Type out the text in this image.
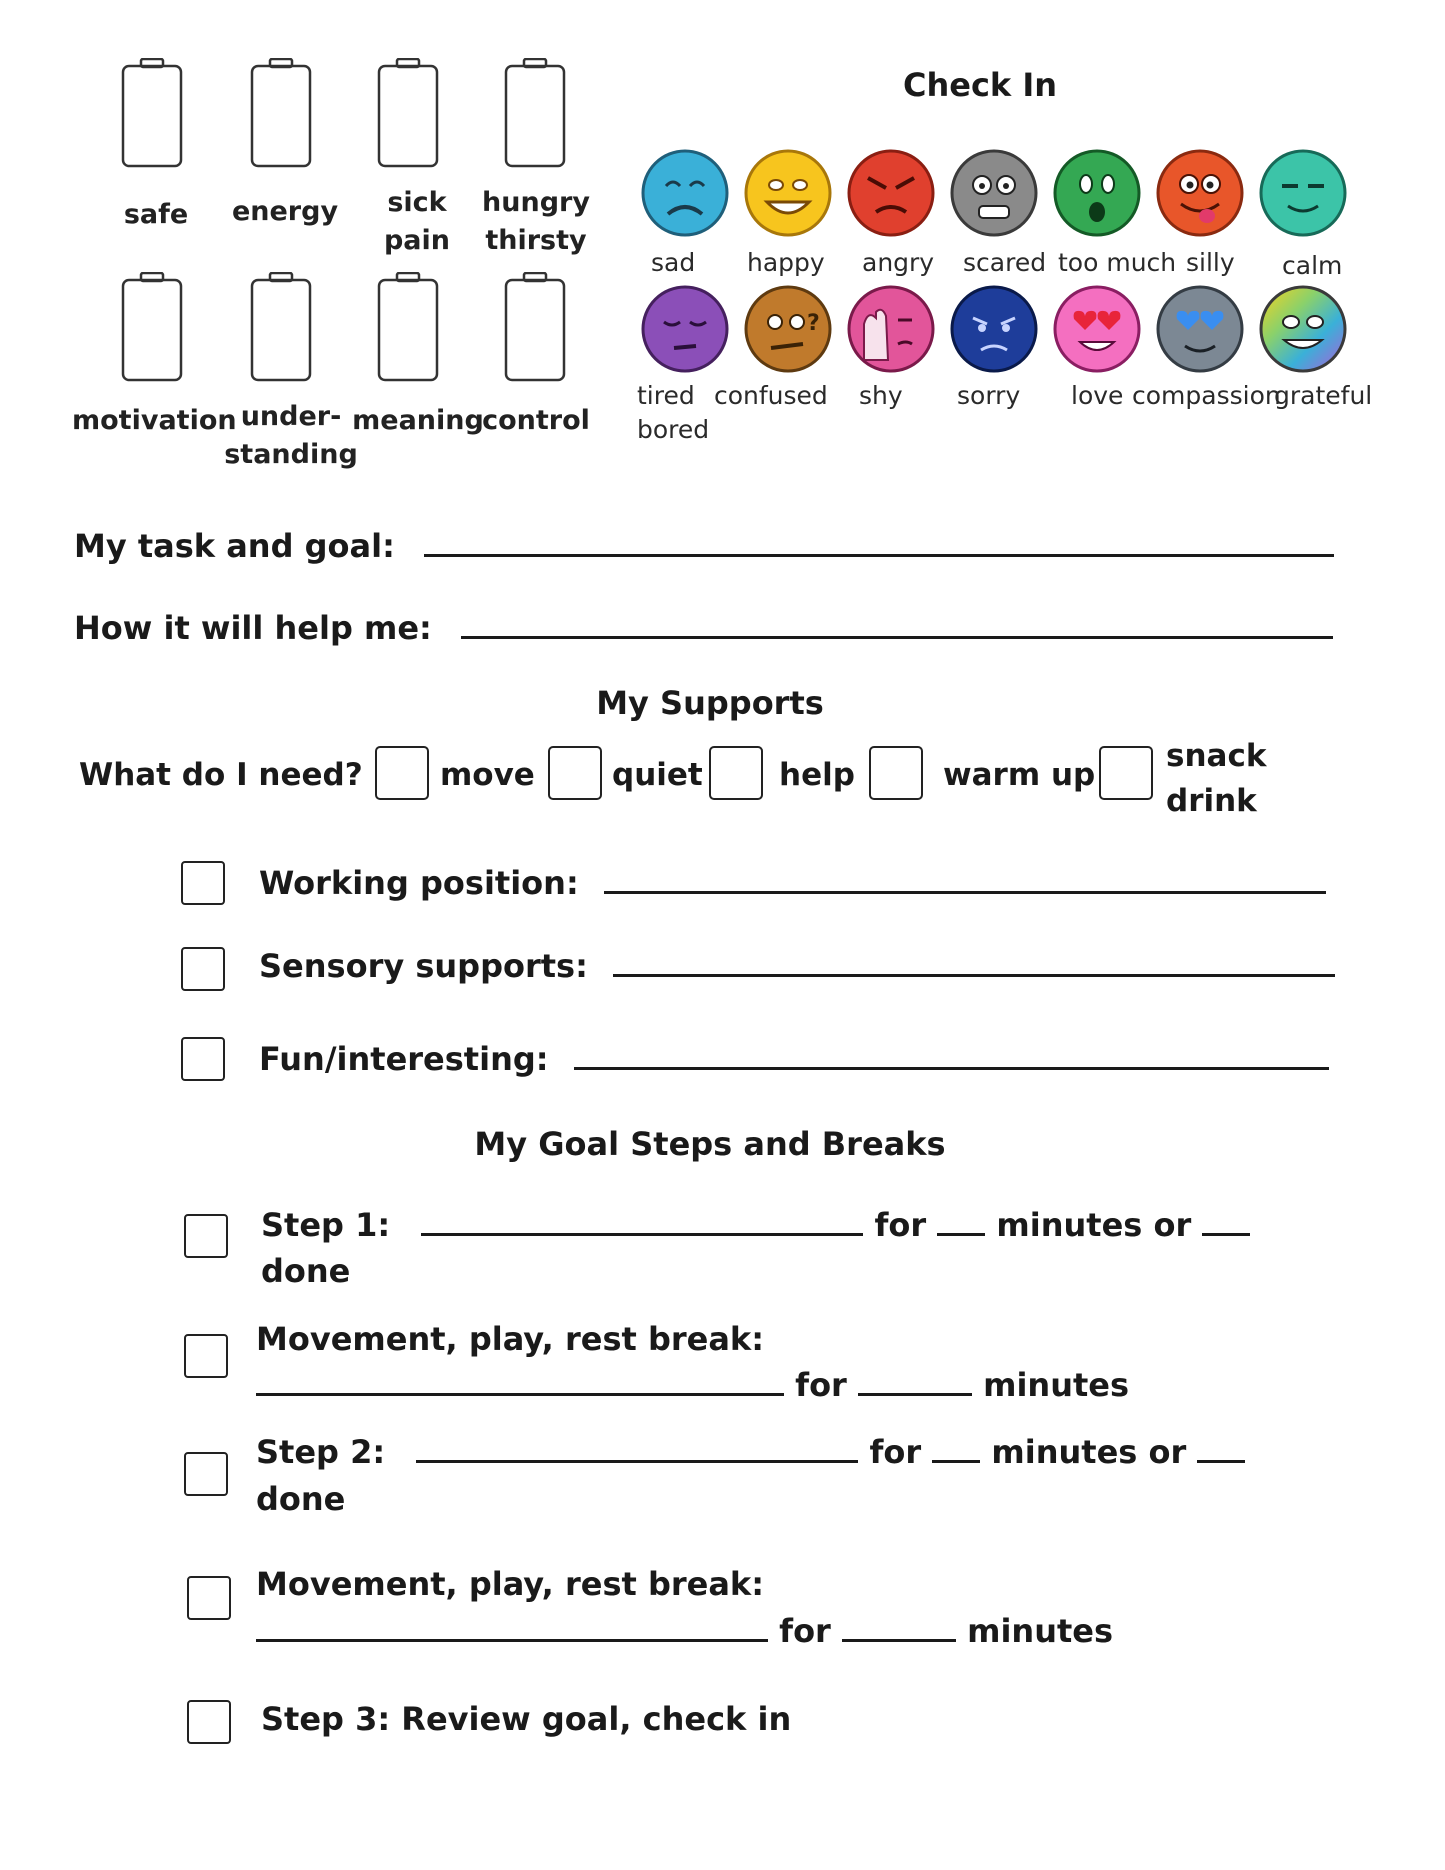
safe	energy	sick
pain
hungry
thirsty
motivation under-
standing
meaning
control
Check In
sad happy angry scared too much silly calm
?
tired
bored
confused shy sorry love compassion
grateful
My task and goal:
How it will help me:
My Supports
What do I need? move quiet help	warm up
snack
drink
Working position:
Sensory supports:
Fun/interesting:
My Goal Steps and Breaks
Step 1:	for minutes or
done
Movement, play, rest break:
for	minutes
Step 2:	for minutes or
done
Movement, play, rest break:
for	minutes
Step 3: Review goal, check in
